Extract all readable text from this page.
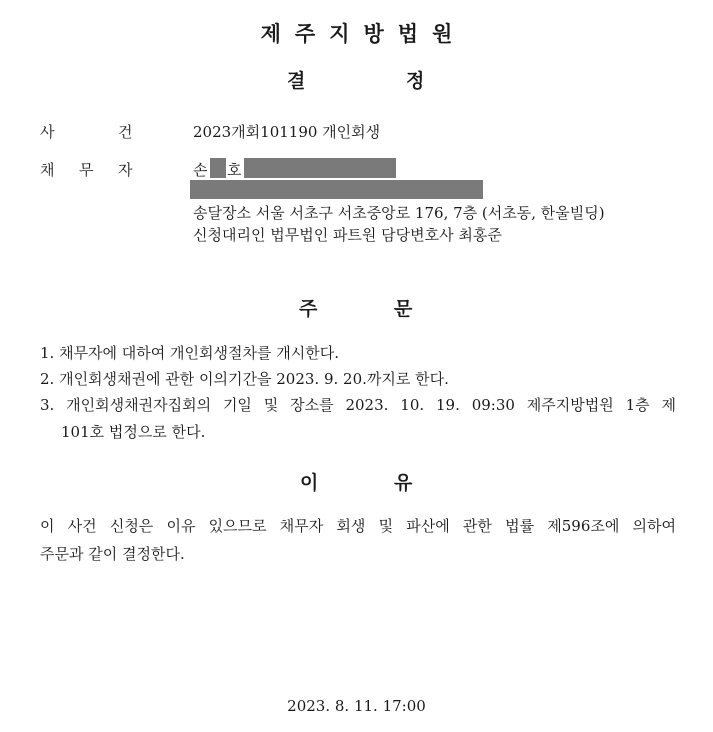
제주지방법원
결	정
사	건	2023개회101190 개인회생
채 무 자	손 호
송달장소 서울 서초구 서초중앙로 176, 7층 (서초동, 한울빌딩)
신청대리인 법무법인 파트원 담당변호사 최홍준
주	문
1. 채무자에 대하여 개인회생절차를 개시한다.
2. 개인회생채권에 관한 이의기간을 2023. 9. 20.까지로 한다.
3. 개인회생채권자집회의 기일 및 장소를 2023. 10. 19. 09:30 제주지방법원 1층 제
101호 법정으로 한다.
이	유
이 사건 신청은 이유 있으므로 채무자 회생 및 파산에 관한 법률 제596조에 의하여
주문과 같이 결정한다.
2023. 8. 11. 17:00
